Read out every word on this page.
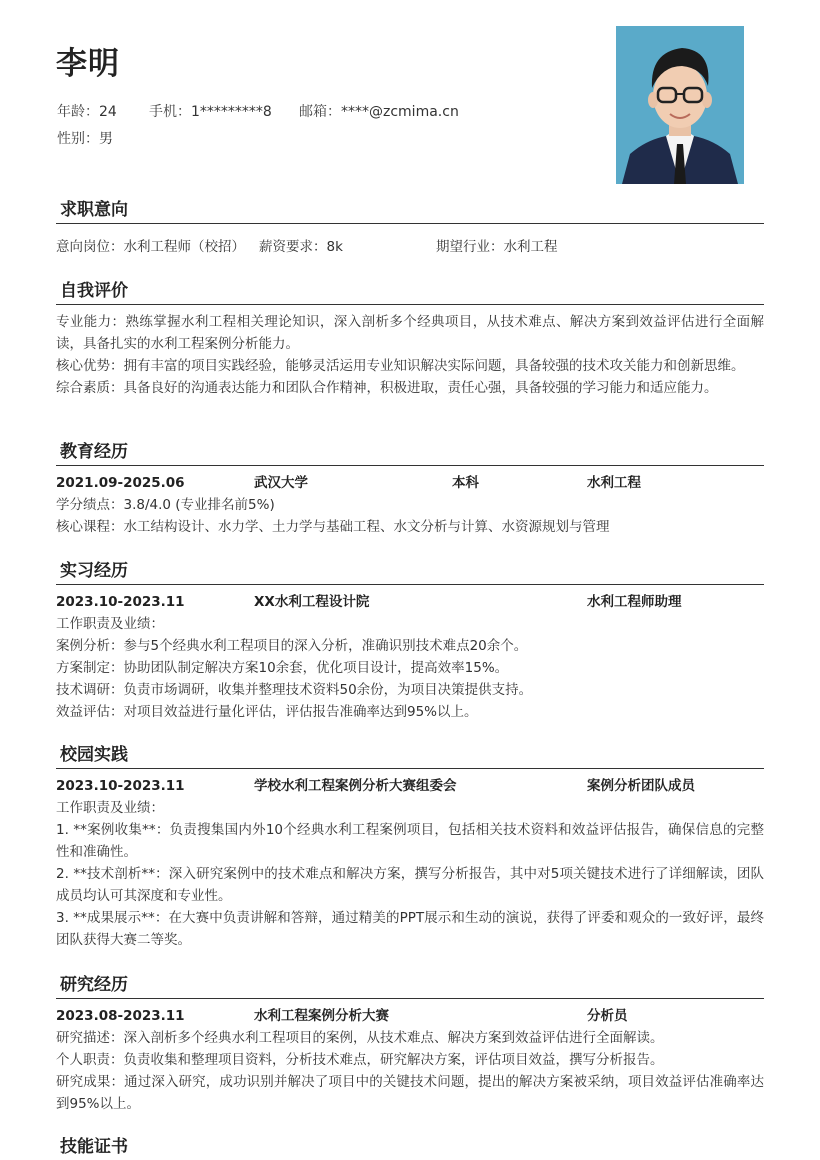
李明
年龄：24 手机：1*********8 邮箱：****@zcmima.cn
性别：男
求职意向
意向岗位：水利工程师（校招） 薪资要求：8k	期望行业：水利工程
自我评价

专业能力：熟练掌握水利工程相关理论知识，深入剖析多个经典项目，从技术难点、解决方案到效益评估进行全面解读，具备扎实的水利工程案例分析能力。

核心优势：拥有丰富的项目实践经验，能够灵活运用专业知识解决实际问题，具备较强的技术攻关能力和创新思维。

综合素质：具备良好的沟通表达能力和团队合作精神，积极进取，责任心强，具备较强的学习能力和适应能力。

教育经历
2021.09-2025.06	武汉大学	本科	水利工程
学分绩点：3.8/4.0 (专业排名前5%)
核心课程：水工结构设计、水力学、土力学与基础工程、水文分析与计算、水资源规划与管理
实习经历
2023.10-2023.11	XX水利工程设计院	水利工程师助理
工作职责及业绩：
案例分析：参与5个经典水利工程项目的深入分析，准确识别技术难点20余个。
方案制定：协助团队制定解决方案10余套，优化项目设计，提高效率15%。
技术调研：负责市场调研，收集并整理技术资料50余份，为项目决策提供支持。
效益评估：对项目效益进行量化评估，评估报告准确率达到95%以上。
校园实践
2023.10-2023.11	学校水利工程案例分析大赛组委会	案例分析团队成员
工作职责及业绩：

1. **案例收集**：负责搜集国内外10个经典水利工程案例项目，包括相关技术资料和效益评估报告，确保信息的完整性和准确性。

2. **技术剖析**：深入研究案例中的技术难点和解决方案，撰写分析报告，其中对5项关键技术进行了详细解读，团队成员均认可其深度和专业性。

3. **成果展示**：在大赛中负责讲解和答辩，通过精美的PPT展示和生动的演说，获得了评委和观众的一致好评，最终团队获得大赛二等奖。

研究经历
2023.08-2023.11	水利工程案例分析大赛	分析员

研究描述：深入剖析多个经典水利工程项目的案例，从技术难点、解决方案到效益评估进行全面解读。

个人职责：负责收集和整理项目资料，分析技术难点，研究解决方案，评估项目效益，撰写分析报告。

研究成果：通过深入研究，成功识别并解决了项目中的关键技术问题，提出的解决方案被采纳，项目效益评估准确率达到95%以上。

技能证书
